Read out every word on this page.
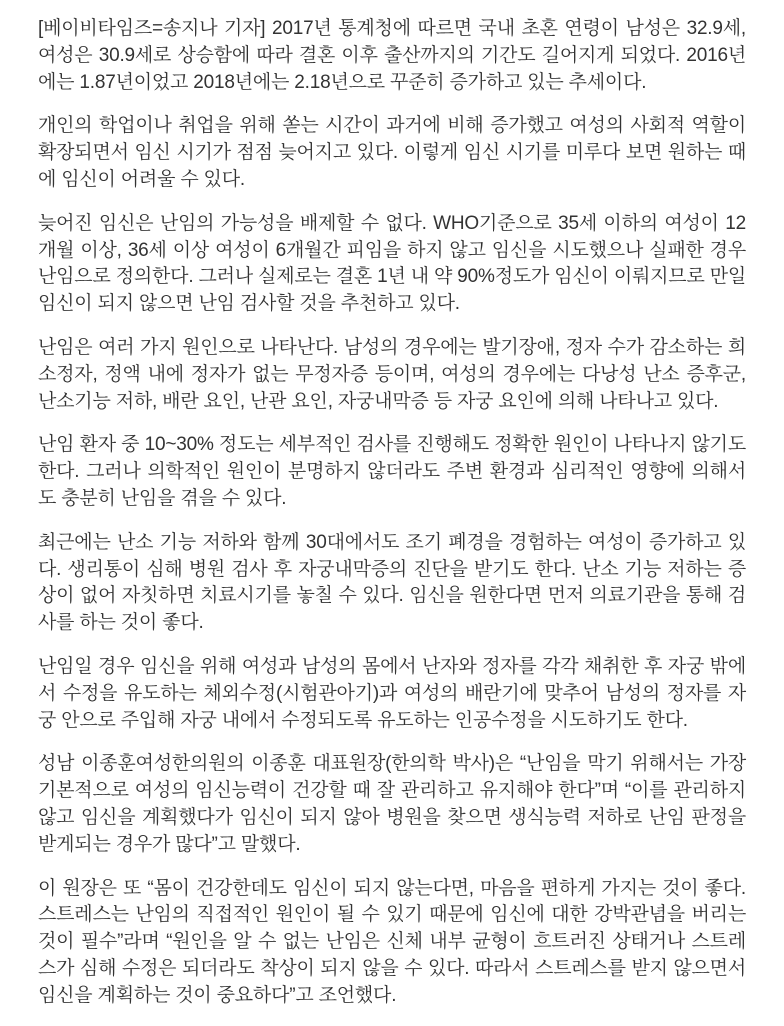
[베이비타임즈=송지나 기자] 2017년 통계청에 따르면 국내 초혼 연령이 남성은 32.9세, 여성은 30.9세로 상승함에 따라 결혼 이후 출산까지의 기간도 길어지게 되었다. 2016년에는 1.87년이었고 2018년에는 2.18년으로 꾸준히 증가하고 있는 추세이다.

개인의 학업이나 취업을 위해 쏟는 시간이 과거에 비해 증가했고 여성의 사회적 역할이 확장되면서 임신 시기가 점점 늦어지고 있다. 이렇게 임신 시기를 미루다 보면 원하는 때에 임신이 어려울 수 있다.

늦어진 임신은 난임의 가능성을 배제할 수 없다. WHO기준으로 35세 이하의 여성이 12개월 이상, 36세 이상 여성이 6개월간 피임을 하지 않고 임신을 시도했으나 실패한 경우 난임으로 정의한다. 그러나 실제로는 결혼 1년 내 약 90%정도가 임신이 이뤄지므로 만일 임신이 되지 않으면 난임 검사할 것을 추천하고 있다.

난임은 여러 가지 원인으로 나타난다. 남성의 경우에는 발기장애, 정자 수가 감소하는 희소정자, 정액 내에 정자가 없는 무정자증 등이며, 여성의 경우에는 다낭성 난소 증후군, 난소기능 저하, 배란 요인, 난관 요인, 자궁내막증 등 자궁 요인에 의해 나타나고 있다.

난임 환자 중 10~30% 정도는 세부적인 검사를 진행해도 정확한 원인이 나타나지 않기도 한다. 그러나 의학적인 원인이 분명하지 않더라도 주변 환경과 심리적인 영향에 의해서도 충분히 난임을 겪을 수 있다.

최근에는 난소 기능 저하와 함께 30대에서도 조기 폐경을 경험하는 여성이 증가하고 있다. 생리통이 심해 병원 검사 후 자궁내막증의 진단을 받기도 한다. 난소 기능 저하는 증상이 없어 자칫하면 치료시기를 놓칠 수 있다. 임신을 원한다면 먼저 의료기관을 통해 검사를 하는 것이 좋다.

난임일 경우 임신을 위해 여성과 남성의 몸에서 난자와 정자를 각각 채취한 후 자궁 밖에서 수정을 유도하는 체외수정(시험관아기)과 여성의 배란기에 맞추어 남성의 정자를 자궁 안으로 주입해 자궁 내에서 수정되도록 유도하는 인공수정을 시도하기도 한다.

성남 이종훈여성한의원의 이종훈 대표원장(한의학 박사)은 “난임을 막기 위해서는 가장 기본적으로 여성의 임신능력이 건강할 때 잘 관리하고 유지해야 한다”며 “이를 관리하지 않고 임신을 계획했다가 임신이 되지 않아 병원을 찾으면 생식능력 저하로 난임 판정을 받게되는 경우가 많다”고 말했다.

이 원장은 또 “몸이 건강한데도 임신이 되지 않는다면, 마음을 편하게 가지는 것이 좋다. 스트레스는 난임의 직접적인 원인이 될 수 있기 때문에 임신에 대한 강박관념을 버리는 것이 필수”라며 “원인을 알 수 없는 난임은 신체 내부 균형이 흐트러진 상태거나 스트레스가 심해 수정은 되더라도 착상이 되지 않을 수 있다. 따라서 스트레스를 받지 않으면서 임신을 계획하는 것이 중요하다”고 조언했다.
